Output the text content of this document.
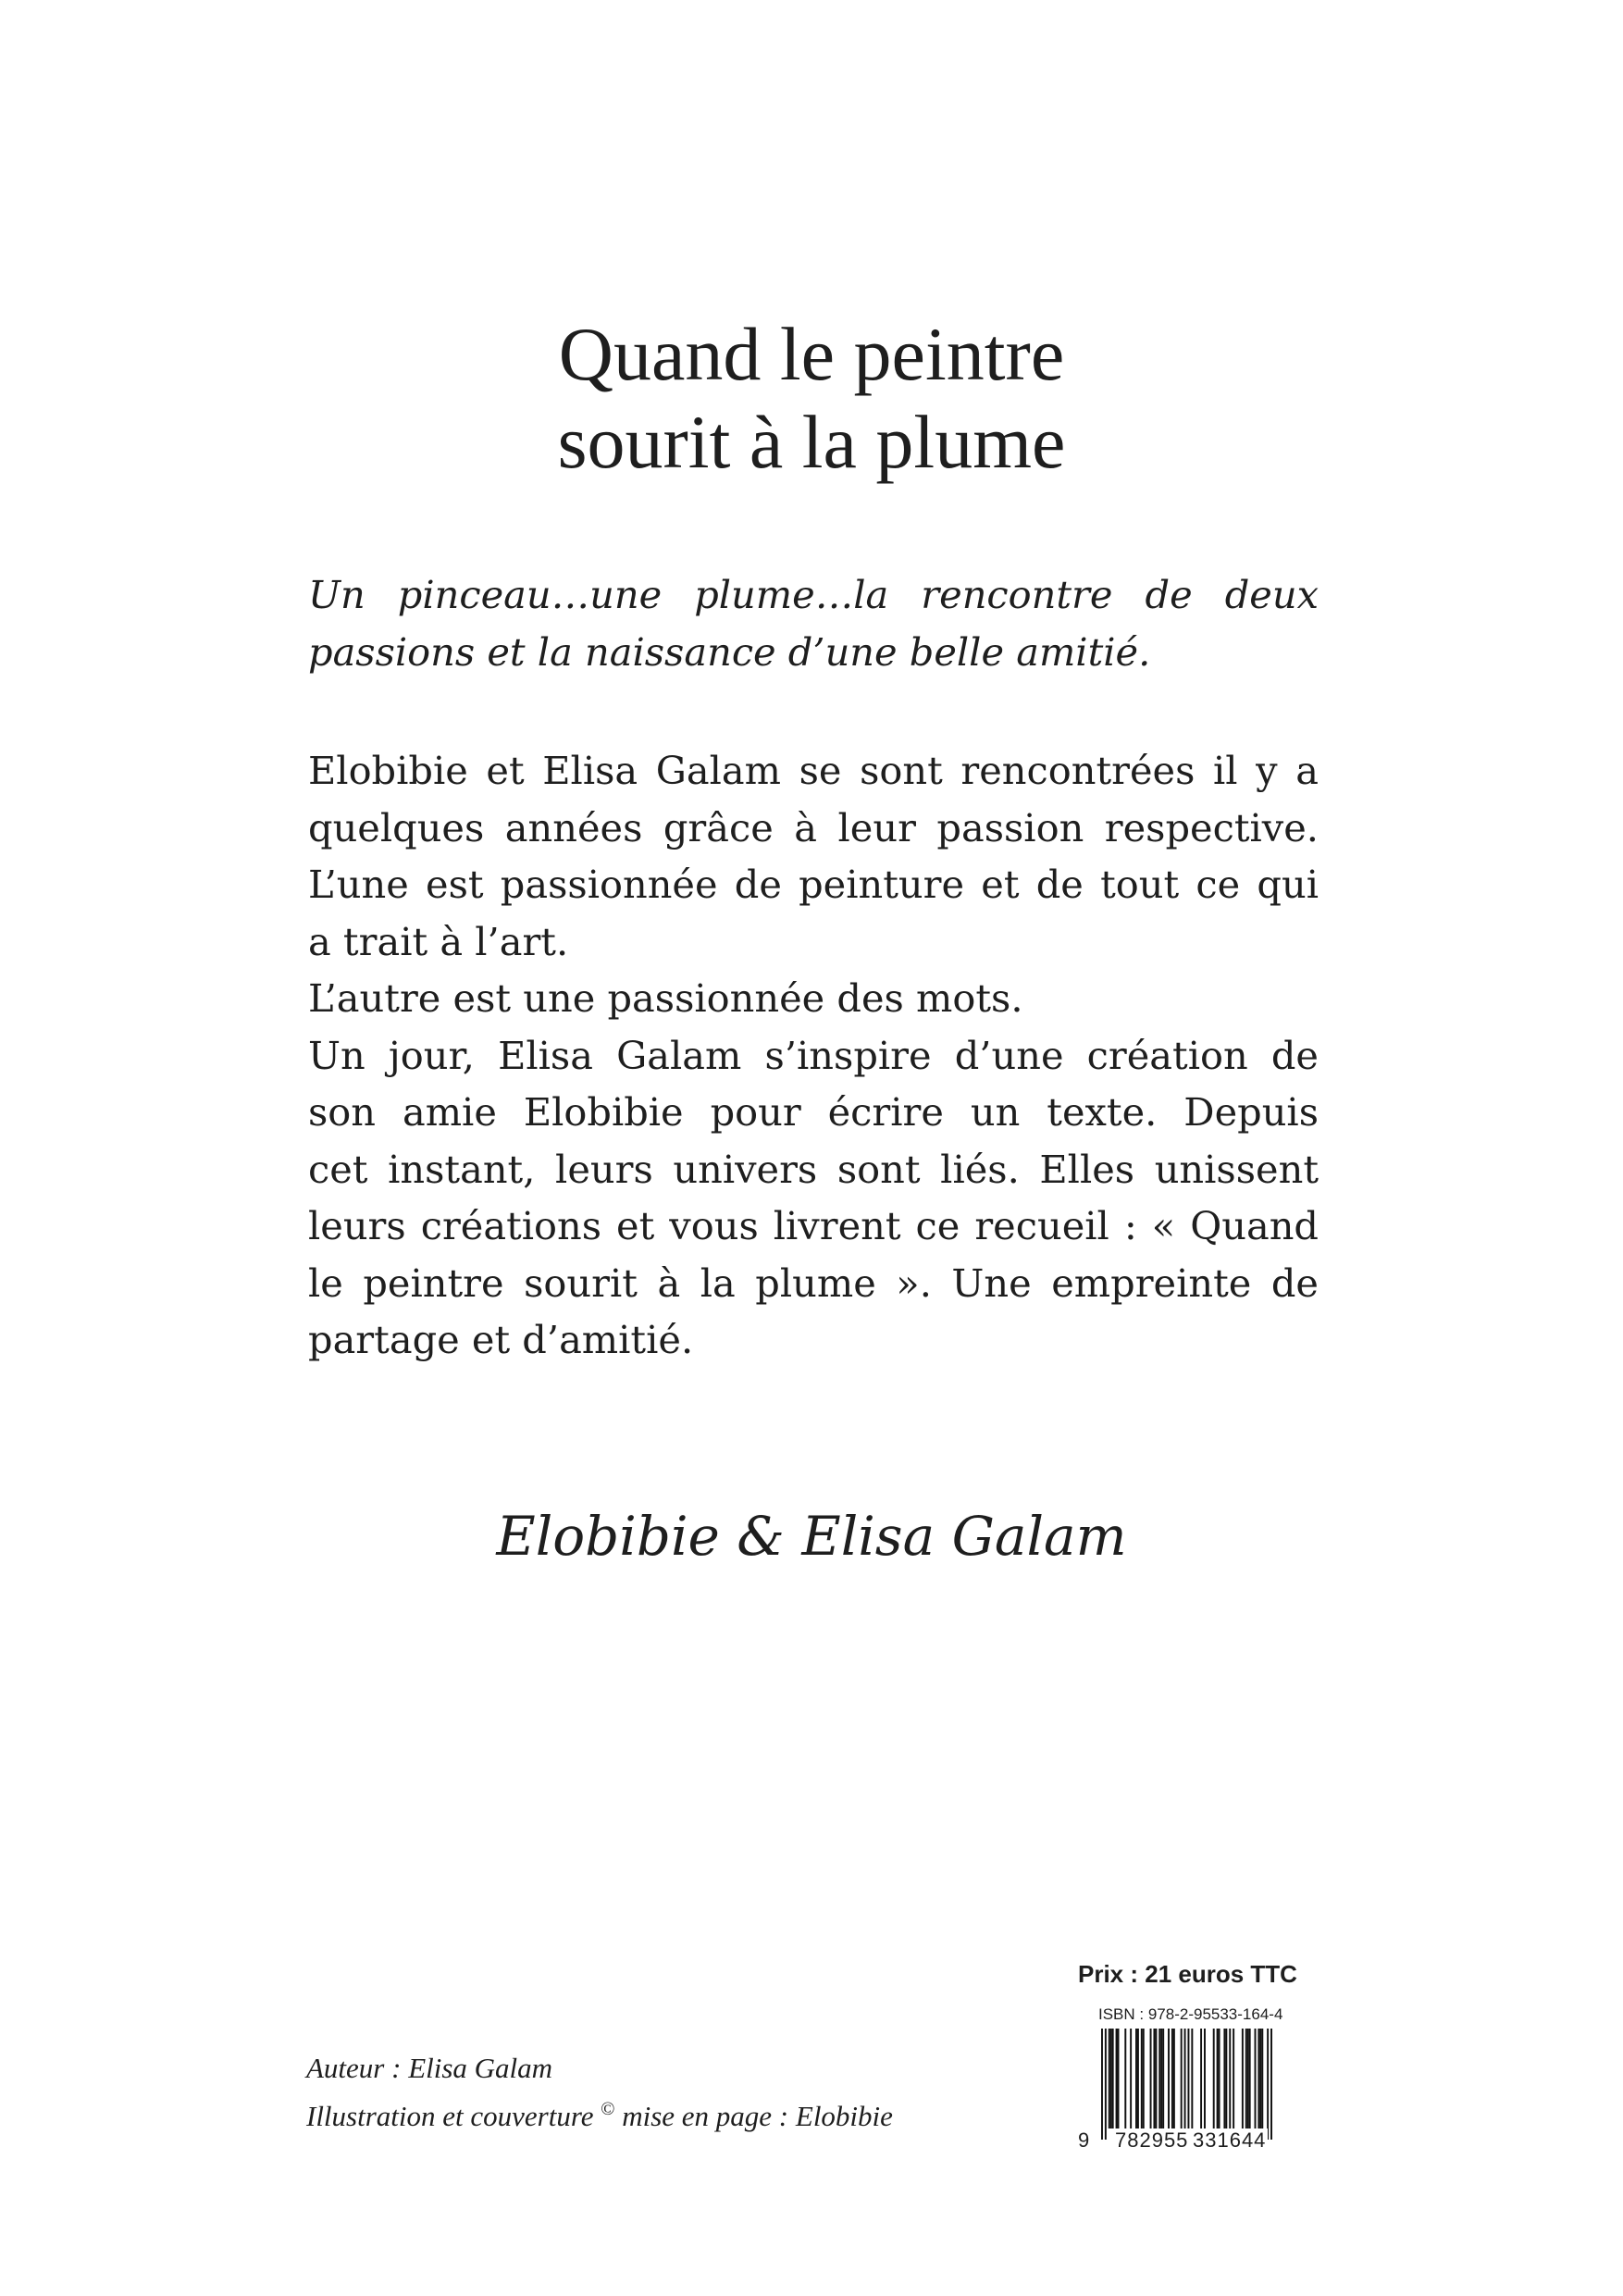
Quand le peintre
sourit à la plume
Un pinceau…une plume…la rencontre de deux
passions et la naissance d’une belle amitié.
Elobibie et Elisa Galam se sont rencontrées il y a
quelques années grâce à leur passion respective.
L’une est passionnée de peinture et de tout ce qui
a trait à l’art.
L’autre est une passionnée des mots.
Un jour, Elisa Galam s’inspire d’une création de
son amie Elobibie pour écrire un texte. Depuis
cet instant, leurs univers sont liés. Elles unissent
leurs créations et vous livrent ce recueil : « Quand
le peintre sourit à la plume ». Une empreinte de
partage et d’amitié.
Elobibie & Elisa Galam
Auteur : Elisa Galam
Illustration et couverture © mise en page : Elobibie
Prix : 21 euros TTC
ISBN : 978-2-95533-164-4
9 782955 331644
